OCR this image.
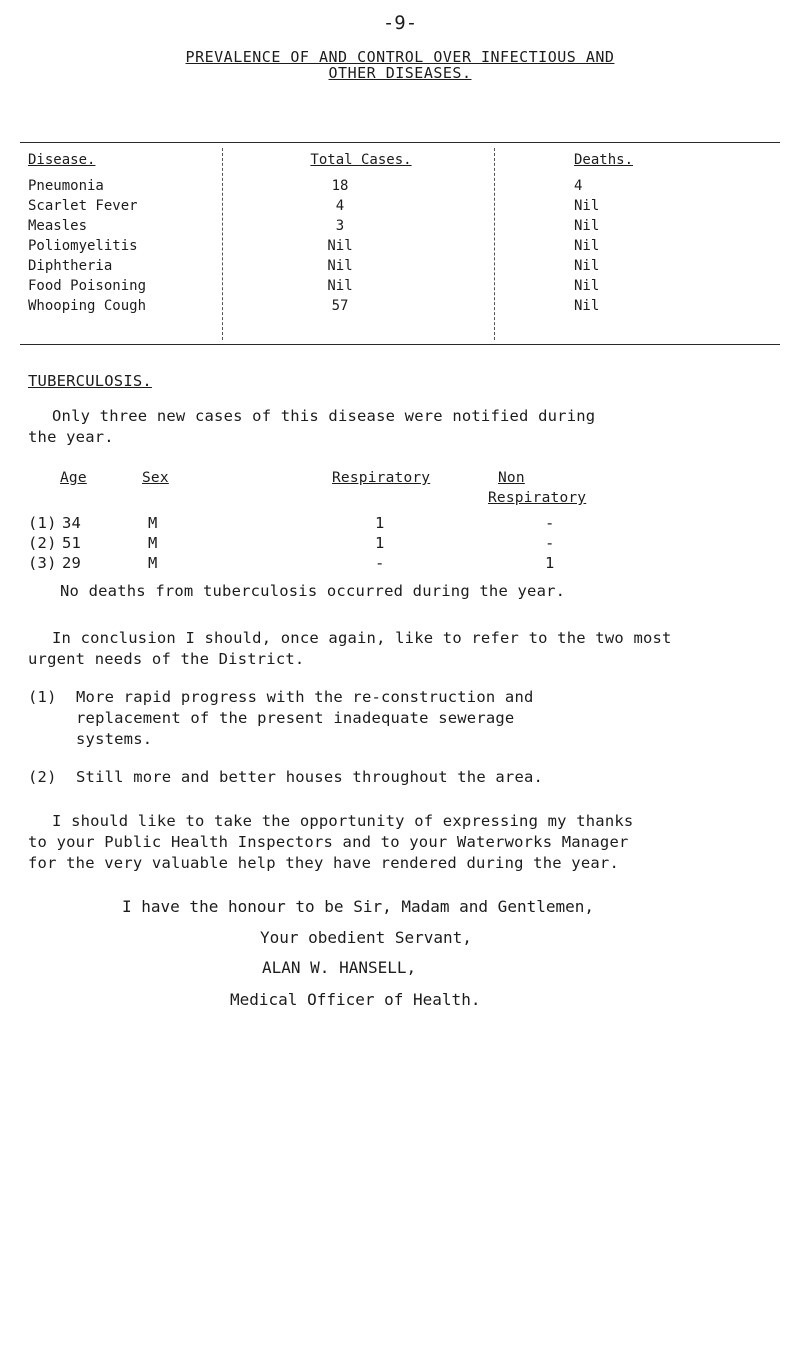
-9-
PREVALENCE OF AND CONTROL OVER INFECTIOUS AND
OTHER DISEASES.
Disease.	Total Cases.	Deaths.
Pneumonia	18	4
Scarlet Fever	4	Nil
Measles	3	Nil
Poliomyelitis	Nil	Nil
Diphtheria	Nil	Nil
Food Poisoning	Nil	Nil
Whooping Cough	57	Nil
TUBERCULOSIS.
Only three new cases of this disease were notified during
the year.
Age	Sex	Respiratory	Non
Respiratory
(1) 34	M	1	-
(2) 51	M	1	-
(3) 29	M	-	1
No deaths from tuberculosis occurred during the year.
In conclusion I should, once again, like to refer to the two most
urgent needs of the District.
(1) More rapid progress with the re-construction and
replacement of the present inadequate sewerage
systems.
(2) Still more and better houses throughout the area.
I should like to take the opportunity of expressing my thanks
to your Public Health Inspectors and to your Waterworks Manager
for the very valuable help they have rendered during the year.
I have the honour to be Sir, Madam and Gentlemen,
Your obedient Servant,
ALAN W. HANSELL,
Medical Officer of Health.
